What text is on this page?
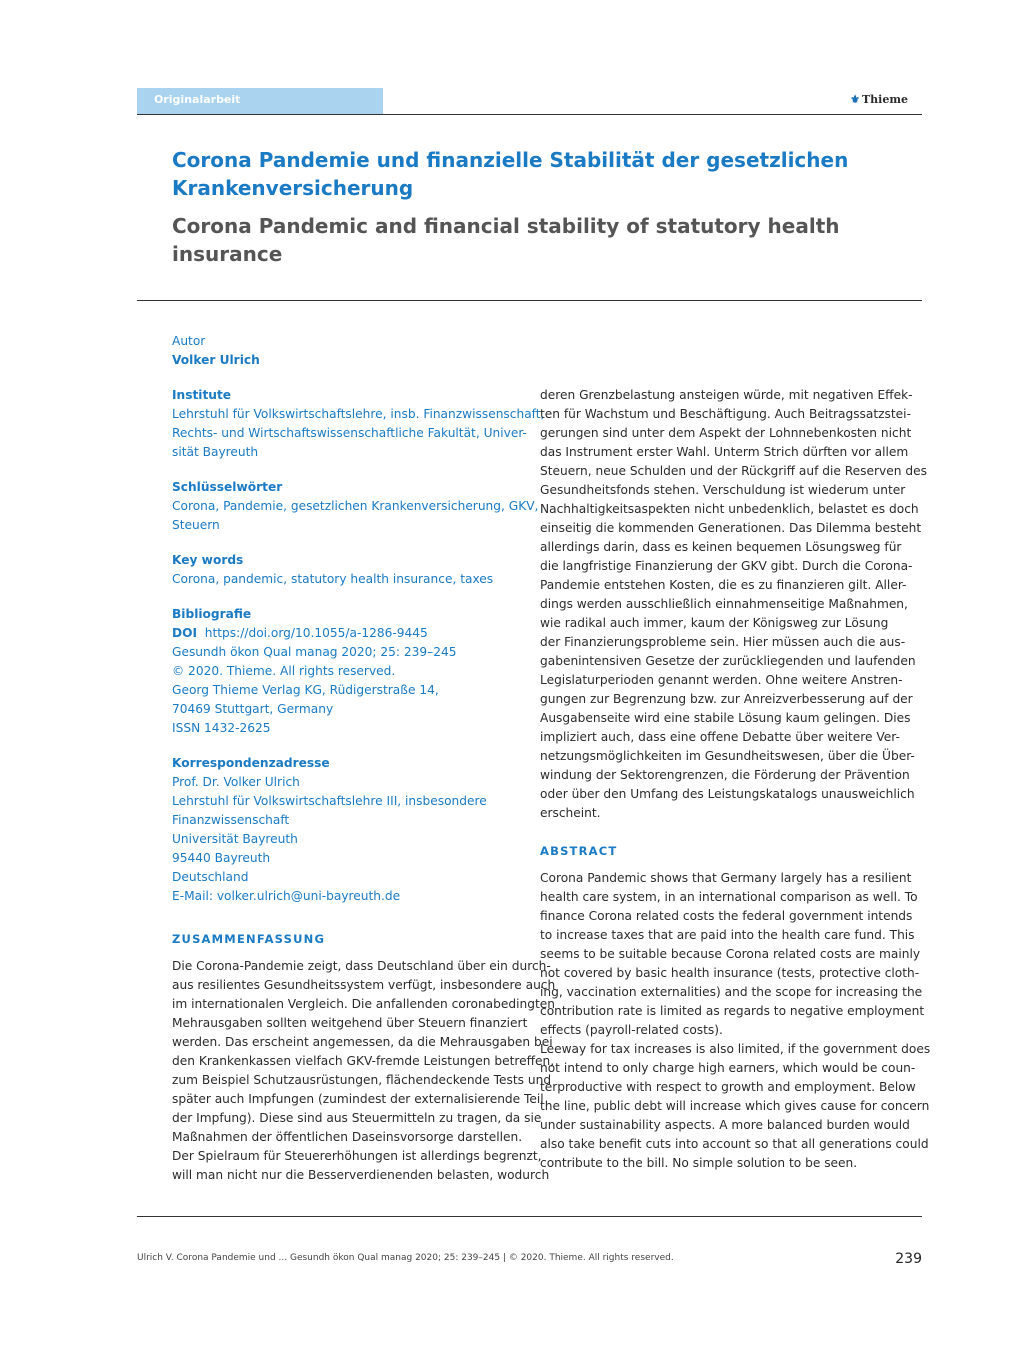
Originalarbeit	⚜ Thieme
Corona Pandemie und finanzielle Stabilität der gesetzlichen
Krankenversicherung
Corona Pandemic and financial stability of statutory health
insurance
Autor
Volker Ulrich
Institute
Lehrstuhl für Volkswirtschaftslehre, insb. Finanzwissenschaft,
Rechts- und Wirtschaftswissenschaftliche Fakultät, Univer-
sität Bayreuth
Schlüsselwörter
Corona, Pandemie, gesetzlichen Krankenversicherung, GKV,
Steuern
Key words
Corona, pandemic, statutory health insurance, taxes
Bibliografie
DOI https://doi.org/10.1055/a-1286-9445
Gesundh ökon Qual manag 2020; 25: 239–245
© 2020. Thieme. All rights reserved.
Georg Thieme Verlag KG, Rüdigerstraße 14,
70469 Stuttgart, Germany
ISSN 1432-2625
Korrespondenzadresse
Prof. Dr. Volker Ulrich
Lehrstuhl für Volkswirtschaftslehre III, insbesondere
Finanzwissenschaft
Universität Bayreuth
95440 Bayreuth
Deutschland
E-Mail: volker.ulrich@uni-bayreuth.de
ZUSAMMENFASSUNG
Die Corona-Pandemie zeigt, dass Deutschland über ein durch-
aus resilientes Gesundheitssystem verfügt, insbesondere auch
im internationalen Vergleich. Die anfallenden coronabedingten
Mehrausgaben sollten weitgehend über Steuern finanziert
werden. Das erscheint angemessen, da die Mehrausgaben bei
den Krankenkassen vielfach GKV-fremde Leistungen betreffen,
zum Beispiel Schutzausrüstungen, flächendeckende Tests und
später auch Impfungen (zumindest der externalisierende Teil
der Impfung). Diese sind aus Steuermitteln zu tragen, da sie
Maßnahmen der öffentlichen Daseinsvorsorge darstellen.
Der Spielraum für Steuererhöhungen ist allerdings begrenzt,
will man nicht nur die Besserverdienenden belasten, wodurch
deren Grenzbelastung ansteigen würde, mit negativen Effek-
ten für Wachstum und Beschäftigung. Auch Beitragssatzstei-
gerungen sind unter dem Aspekt der Lohnnebenkosten nicht
das Instrument erster Wahl. Unterm Strich dürften vor allem
Steuern, neue Schulden und der Rückgriff auf die Reserven des
Gesundheitsfonds stehen. Verschuldung ist wiederum unter
Nachhaltigkeitsaspekten nicht unbedenklich, belastet es doch
einseitig die kommenden Generationen. Das Dilemma besteht
allerdings darin, dass es keinen bequemen Lösungsweg für
die langfristige Finanzierung der GKV gibt. Durch die Corona-
Pandemie entstehen Kosten, die es zu finanzieren gilt. Aller-
dings werden ausschließlich einnahmenseitige Maßnahmen,
wie radikal auch immer, kaum der Königsweg zur Lösung
der Finanzierungsprobleme sein. Hier müssen auch die aus-
gabenintensiven Gesetze der zurückliegenden und laufenden
Legislaturperioden genannt werden. Ohne weitere Anstren-
gungen zur Begrenzung bzw. zur Anreizverbesserung auf der
Ausgabenseite wird eine stabile Lösung kaum gelingen. Dies
impliziert auch, dass eine offene Debatte über weitere Ver-
netzungsmöglichkeiten im Gesundheitswesen, über die Über-
windung der Sektorengrenzen, die Förderung der Prävention
oder über den Umfang des Leistungskatalogs unausweichlich
erscheint.
ABSTRACT
Corona Pandemic shows that Germany largely has a resilient
health care system, in an international comparison as well. To
finance Corona related costs the federal government intends
to increase taxes that are paid into the health care fund. This
seems to be suitable because Corona related costs are mainly
not covered by basic health insurance (tests, protective cloth-
ing, vaccination externalities) and the scope for increasing the
contribution rate is limited as regards to negative employment
effects (payroll-related costs).
Leeway for tax increases is also limited, if the government does
not intend to only charge high earners, which would be coun-
terproductive with respect to growth and employment. Below
the line, public debt will increase which gives cause for concern
under sustainability aspects. A more balanced burden would
also take benefit cuts into account so that all generations could
contribute to the bill. No simple solution to be seen.
Ulrich V. Corona Pandemie und ... Gesundh ökon Qual manag 2020; 25: 239–245 | © 2020. Thieme. All rights reserved.	239
